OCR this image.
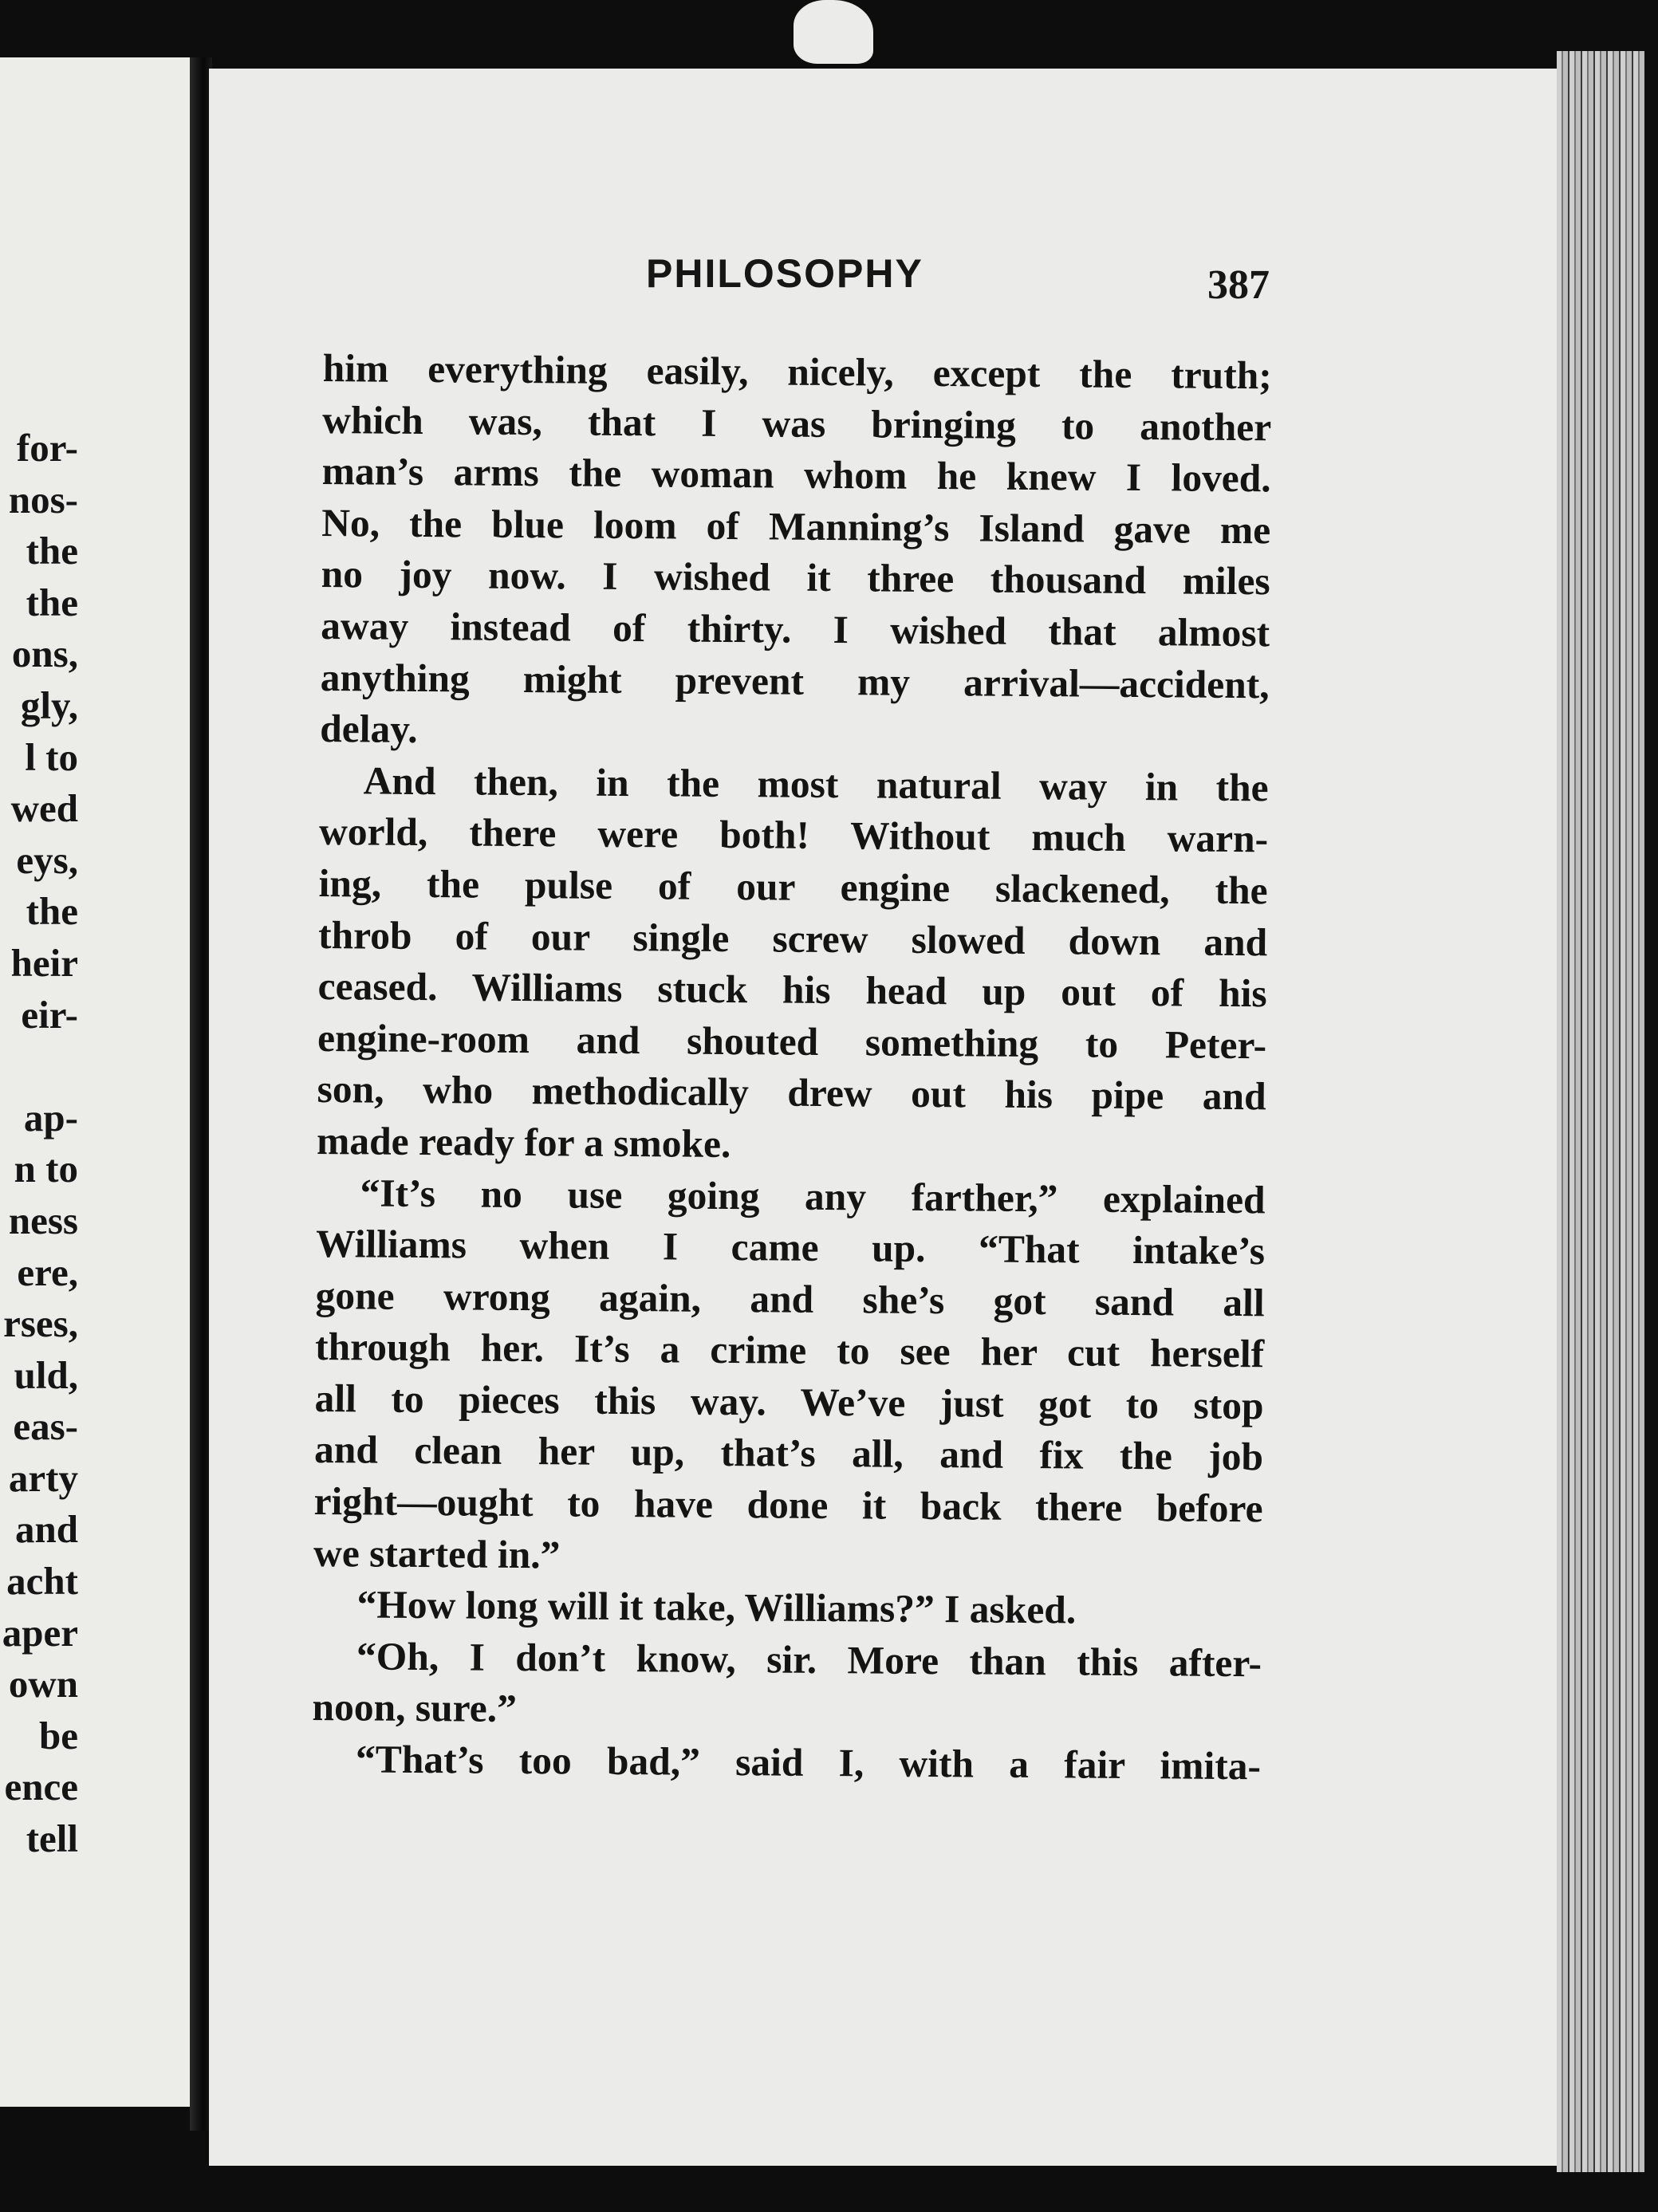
for-
nos-
the
the
ons,
gly,
l to
wed
eys,
the
heir
eir-

ap-
n to
ness
ere,
rses,
uld,
eas-
arty
and
acht
aper
own
be
ence
tell
PHILOSOPHY	387
him everything easily, nicely, except the truth;
which was, that I was bringing to another
man’s arms the woman whom he knew I loved.
No, the blue loom of Manning’s Island gave me
no joy now. I wished it three thousand miles
away instead of thirty. I wished that almost
anything might prevent my arrival—accident,
delay.
And then, in the most natural way in the
world, there were both! Without much warn-
ing, the pulse of our engine slackened, the
throb of our single screw slowed down and
ceased. Williams stuck his head up out of his
engine-room and shouted something to Peter-
son, who methodically drew out his pipe and
made ready for a smoke.
“It’s no use going any farther,” explained
Williams when I came up. “That intake’s
gone wrong again, and she’s got sand all
through her. It’s a crime to see her cut herself
all to pieces this way. We’ve just got to stop
and clean her up, that’s all, and fix the job
right—ought to have done it back there before
we started in.”
“How long will it take, Williams?” I asked.
“Oh, I don’t know, sir. More than this after-
noon, sure.”
“That’s too bad,” said I, with a fair imita-
